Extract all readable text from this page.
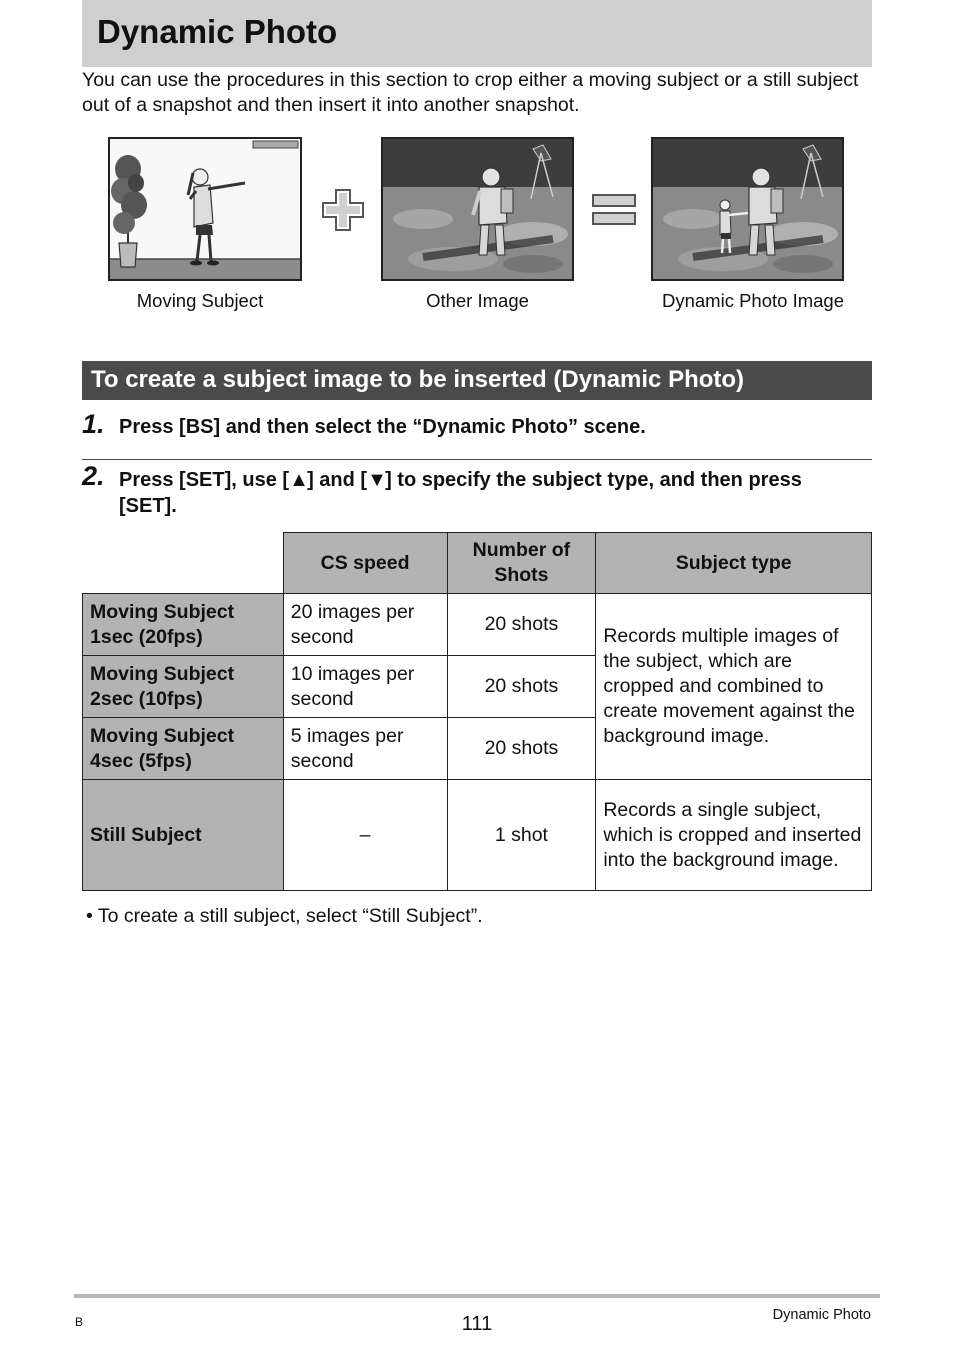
Dynamic Photo

You can use the procedures in this section to crop either a moving subject or a still subject out of a snapshot and then insert it into another snapshot.

Moving Subject	Other Image	Dynamic Photo Image
To create a subject image to be inserted (Dynamic Photo)
1. Press [BS] and then select the “Dynamic Photo” scene.

2. Press [SET], use [▲] and [▼] to specify the subject type, and then press [SET].

	CS speed	Number of Shots	Subject type
Moving Subject 1sec (20fps)	20 images per second	20 shots	Records multiple images of the subject, which are cropped and combined to create movement against the background image.
Moving Subject 2sec (10fps)	10 images per second	20 shots	
Moving Subject 4sec (5fps)	5 images per second	20 shots	
Still Subject	–	1 shot	Records a single subject, which is cropped and inserted into the background image.

• To create a still subject, select “Still Subject”.

B	111	Dynamic Photo
